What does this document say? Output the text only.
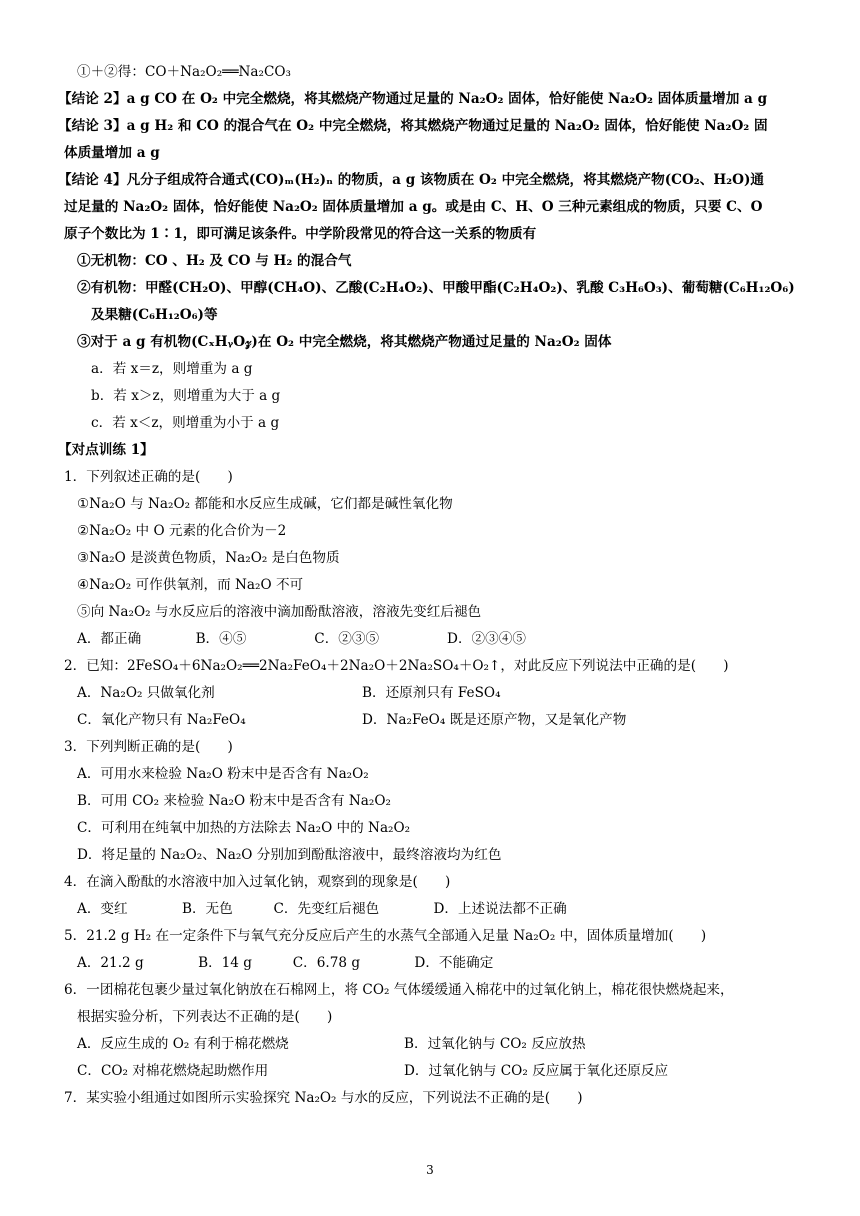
①＋②得：CO＋Na₂O₂══Na₂CO₃
【结论 2】a g CO 在 O₂ 中完全燃烧，将其燃烧产物通过足量的 Na₂O₂ 固体，恰好能使 Na₂O₂ 固体质量增加 a g
【结论 3】a g H₂ 和 CO 的混合气在 O₂ 中完全燃烧，将其燃烧产物通过足量的 Na₂O₂ 固体，恰好能使 Na₂O₂ 固
体质量增加 a g
【结论 4】凡分子组成符合通式(CO)ₘ(H₂)ₙ 的物质，a g 该物质在 O₂ 中完全燃烧，将其燃烧产物(CO₂、H₂O)通
过足量的 Na₂O₂ 固体，恰好能使 Na₂O₂ 固体质量增加 a g。或是由 C、H、O 三种元素组成的物质，只要 C、O
原子个数比为 1∶1，即可满足该条件。中学阶段常见的符合这一关系的物质有
①无机物：CO 、H₂ 及 CO 与 H₂ 的混合气
②有机物：甲醛(CH₂O)、甲醇(CH₄O)、乙酸(C₂H₄O₂)、甲酸甲酯(C₂H₄O₂)、乳酸 C₃H₆O₃)、葡萄糖(C₆H₁₂O₆)
及果糖(C₆H₁₂O₆)等
③对于 a g 有机物(CₓHᵧO𝓏)在 O₂ 中完全燃烧，将其燃烧产物通过足量的 Na₂O₂ 固体
a．若 x＝z，则增重为 a g
b．若 x＞z，则增重为大于 a g
c．若 x＜z，则增重为小于 a g
【对点训练 1】
1．下列叙述正确的是(　　)
①Na₂O 与 Na₂O₂ 都能和水反应生成碱，它们都是碱性氧化物
②Na₂O₂ 中 O 元素的化合价为－2
③Na₂O 是淡黄色物质，Na₂O₂ 是白色物质
④Na₂O₂ 可作供氧剂，而 Na₂O 不可
⑤向 Na₂O₂ 与水反应后的溶液中滴加酚酞溶液，溶液先变红后褪色
A．都正确　　　　B．④⑤　　　　　C．②③⑤　　　　　D．②③④⑤
2．已知：2FeSO₄＋6Na₂O₂══2Na₂FeO₄＋2Na₂O＋2Na₂SO₄＋O₂↑，对此反应下列说法中正确的是(　　)
A．Na₂O₂ 只做氧化剂	B．还原剂只有 FeSO₄
C．氧化产物只有 Na₂FeO₄	D．Na₂FeO₄ 既是还原产物，又是氧化产物
3．下列判断正确的是(　　)
A．可用水来检验 Na₂O 粉末中是否含有 Na₂O₂
B．可用 CO₂ 来检验 Na₂O 粉末中是否含有 Na₂O₂
C．可利用在纯氧中加热的方法除去 Na₂O 中的 Na₂O₂
D．将足量的 Na₂O₂、Na₂O 分别加到酚酞溶液中，最终溶液均为红色
4．在滴入酚酞的水溶液中加入过氧化钠，观察到的现象是(　　)
A．变红　　　　B．无色　　　C．先变红后褪色　　　　D．上述说法都不正确
5．21.2 g H₂ 在一定条件下与氧气充分反应后产生的水蒸气全部通入足量 Na₂O₂ 中，固体质量增加(　　)
A．21.2 g　　　　B．14 g　　　C．6.78 g　　　　D．不能确定
6．一团棉花包裹少量过氧化钠放在石棉网上，将 CO₂ 气体缓缓通入棉花中的过氧化钠上，棉花很快燃烧起来，
根据实验分析，下列表达不正确的是(　　)
A．反应生成的 O₂ 有利于棉花燃烧	B．过氧化钠与 CO₂ 反应放热
C．CO₂ 对棉花燃烧起助燃作用	D．过氧化钠与 CO₂ 反应属于氧化还原反应
7．某实验小组通过如图所示实验探究 Na₂O₂ 与水的反应，下列说法不正确的是(　　)
3
